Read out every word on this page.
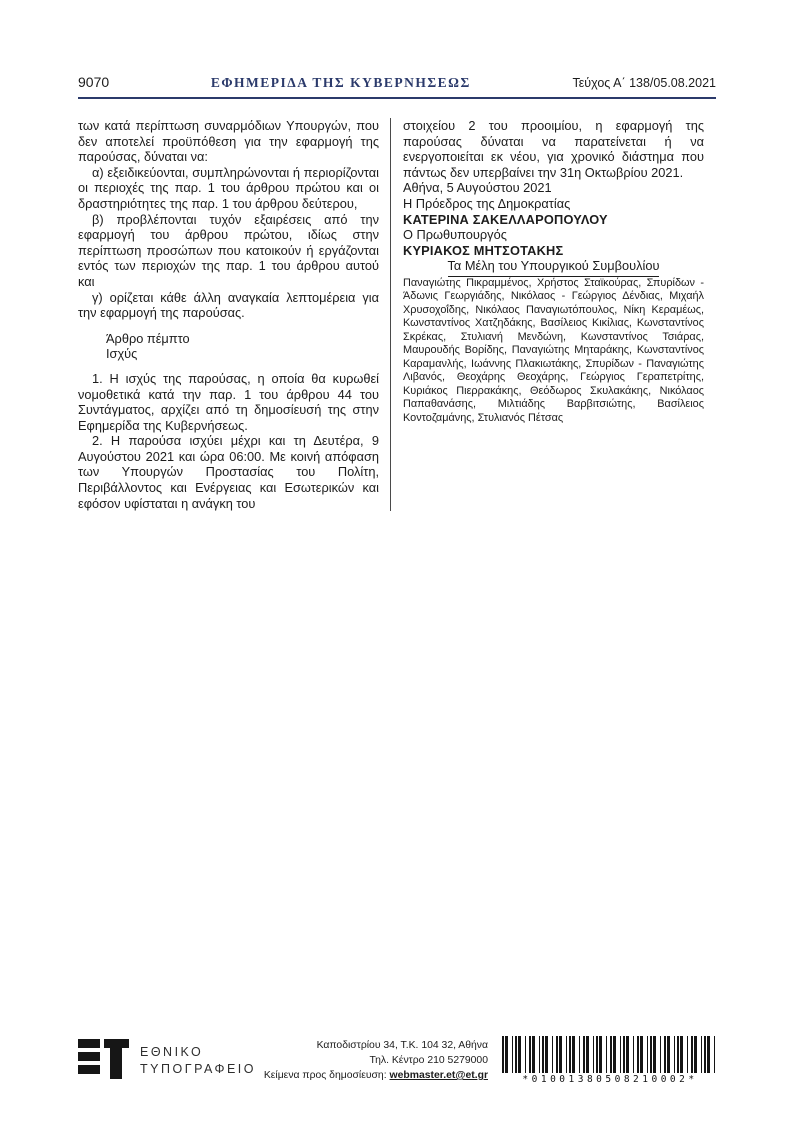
9070	ΕΦΗΜΕΡΙΔΑ ΤΗΣ ΚΥΒΕΡΝΗΣΕΩΣ	Τεύχος Α΄ 138/05.08.2021

των κατά περίπτωση συναρμόδιων Υπουργών, που δεν αποτελεί προϋπόθεση για την εφαρμογή της παρούσας, δύναται να:

α) εξειδικεύονται, συμπληρώνονται ή περιορίζονται οι περιοχές της παρ. 1 του άρθρου πρώτου και οι δραστηριότητες της παρ. 1 του άρθρου δεύτερου,

β) προβλέπονται τυχόν εξαιρέσεις από την εφαρμογή του άρθρου πρώτου, ιδίως στην περίπτωση προσώπων που κατοικούν ή εργάζονται εντός των περιοχών της παρ. 1 του άρθρου αυτού και

γ) ορίζεται κάθε άλλη αναγκαία λεπτομέρεια για την εφαρμογή της παρούσας.

Άρθρο πέμπτο
Ισχύς

1. Η ισχύς της παρούσας, η οποία θα κυρωθεί νομοθετικά κατά την παρ. 1 του άρθρου 44 του Συντάγματος, αρχίζει από τη δημοσίευσή της στην Εφημερίδα της Κυβερνήσεως.

2. Η παρούσα ισχύει μέχρι και τη Δευτέρα, 9 Αυγούστου 2021 και ώρα 06:00. Με κοινή απόφαση των Υπουργών Προστασίας του Πολίτη, Περιβάλλοντος και Ενέργειας και Εσωτερικών και εφόσον υφίσταται η ανάγκη του

στοιχείου 2 του προοιμίου, η εφαρμογή της παρούσας δύναται να παρατείνεται ή να ενεργοποιείται εκ νέου, για χρονικό διάστημα που πάντως δεν υπερβαίνει την 31η Οκτωβρίου 2021.

Αθήνα, 5 Αυγούστου 2021

Η Πρόεδρος της Δημοκρατίας

ΚΑΤΕΡΙΝΑ ΣΑΚΕΛΛΑΡΟΠΟΥΛΟΥ

Ο Πρωθυπουργός

ΚΥΡΙΑΚΟΣ ΜΗΤΣΟΤΑΚΗΣ

Τα Μέλη του Υπουργικού Συμβουλίου

Παναγιώτης Πικραμμένος, Χρήστος Σταϊκούρας, Σπυρίδων - Άδωνις Γεωργιάδης, Νικόλαος - Γεώργιος Δένδιας, Μιχαήλ Χρυσοχοΐδης, Νικόλαος Παναγιωτόπουλος, Νίκη Κεραμέως, Κωνσταντίνος Χατζηδάκης, Βασίλειος Κικίλιας, Κωνσταντίνος Σκρέκας, Στυλιανή Μενδώνη, Κωνσταντίνος Τσιάρας, Μαυρουδής Βορίδης, Παναγιώτης Μηταράκης, Κωνσταντίνος Καραμανλής, Ιωάννης Πλακιωτάκης, Σπυρίδων - Παναγιώτης Λιβανός, Θεοχάρης Θεοχάρης, Γεώργιος Γεραπετρίτης, Κυριάκος Πιερρακάκης, Θεόδωρος Σκυλακάκης, Νικόλαος Παπαθανάσης, Μιλτιάδης Βαρβιτσιώτης, Βασίλειος Κοντοζαμάνης, Στυλιανός Πέτσας

ΕΘΝΙΚΟ
ΤΥΠΟΓΡΑΦΕΙΟ
Καποδιστρίου 34, Τ.Κ. 104 32, Αθήνα
Τηλ. Κέντρο 210 5279000
Κείμενα προς δημοσίευση: webmaster.et@et.gr	*01001380508210002*
